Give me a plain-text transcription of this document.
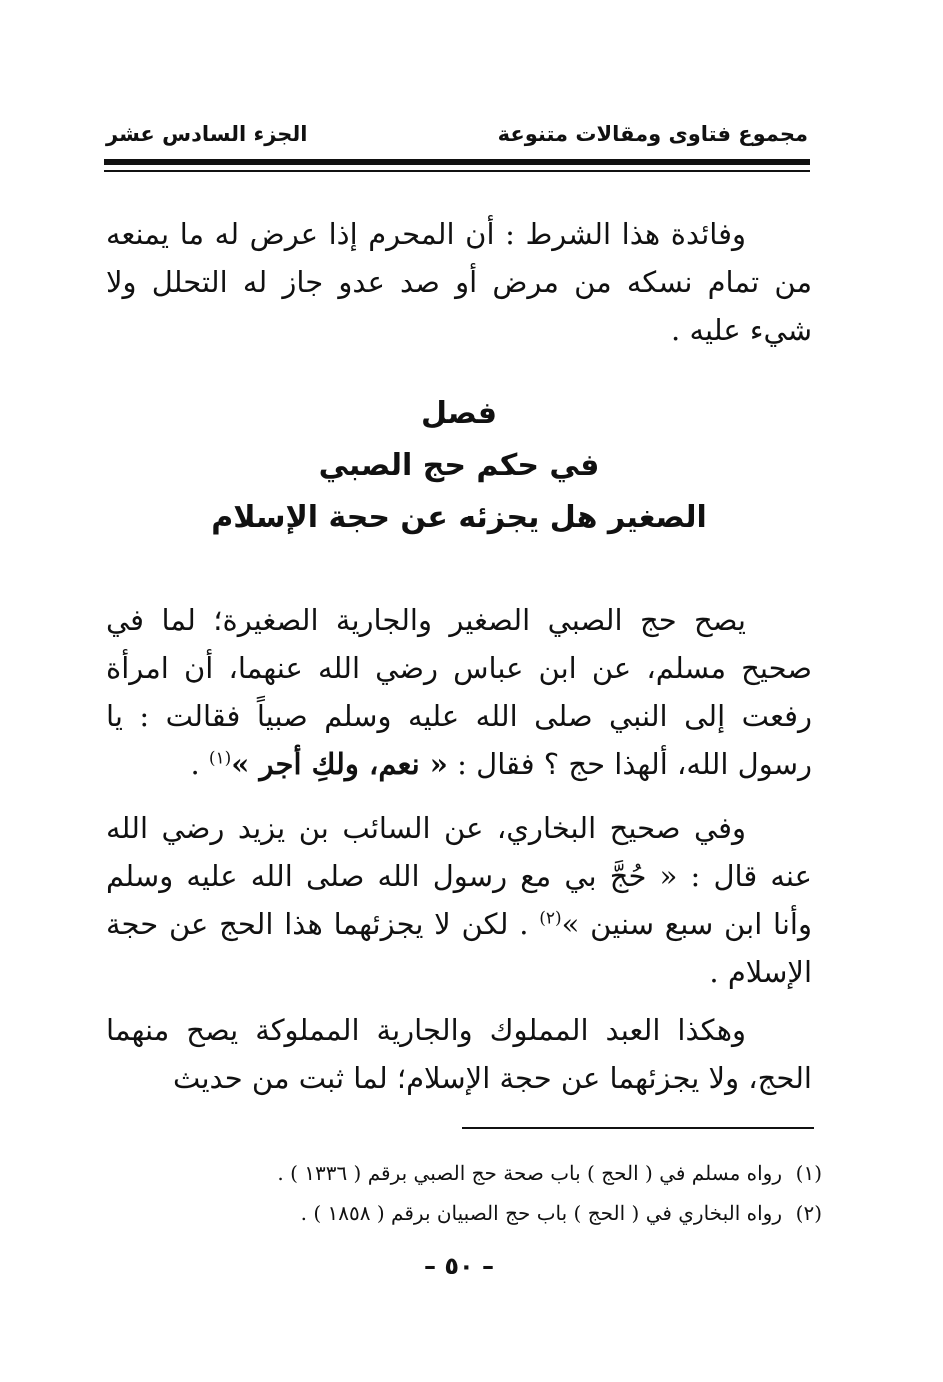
مجموع فتاوى ومقالات متنوعة
الجزء السادس عشر

وفائدة هذا الشرط : أن المحرم إذا عرض له ما يمنعه من تمام نسكه من مرض أو صد عدو جاز له التحلل ولا شيء عليه .

فصل
في حكم حج الصبي
الصغير هل يجزئه عن حجة الإسلام

يصح حج الصبي الصغير والجارية الصغيرة؛ لما في صحيح مسلم، عن ابن عباس رضي الله عنهما، أن امرأة رفعت إلى النبي صلى الله عليه وسلم صبياً فقالت : يا رسول الله، ألهذا حج ؟ فقال : « نعم، ولكِ أجر »$^{(١)}$ .

وفي صحيح البخاري، عن السائب بن يزيد رضي الله عنه قال : « حُجَّ بي مع رسول الله صلى الله عليه وسلم وأنا ابن سبع سنين »$^{(٢)}$ . لكن لا يجزئهما هذا الحج عن حجة الإسلام .

وهكذا العبد المملوك والجارية المملوكة يصح منهما الحج، ولا يجزئهما عن حجة الإسلام؛ لما ثبت من حديث

(١)رواه مسلم في ( الحج ) باب صحة حج الصبي برقم ( ١٣٣٦ ) .
(٢)رواه البخاري في ( الحج ) باب حج الصبيان برقم ( ١٨٥٨ ) .
– ٥٠ –
